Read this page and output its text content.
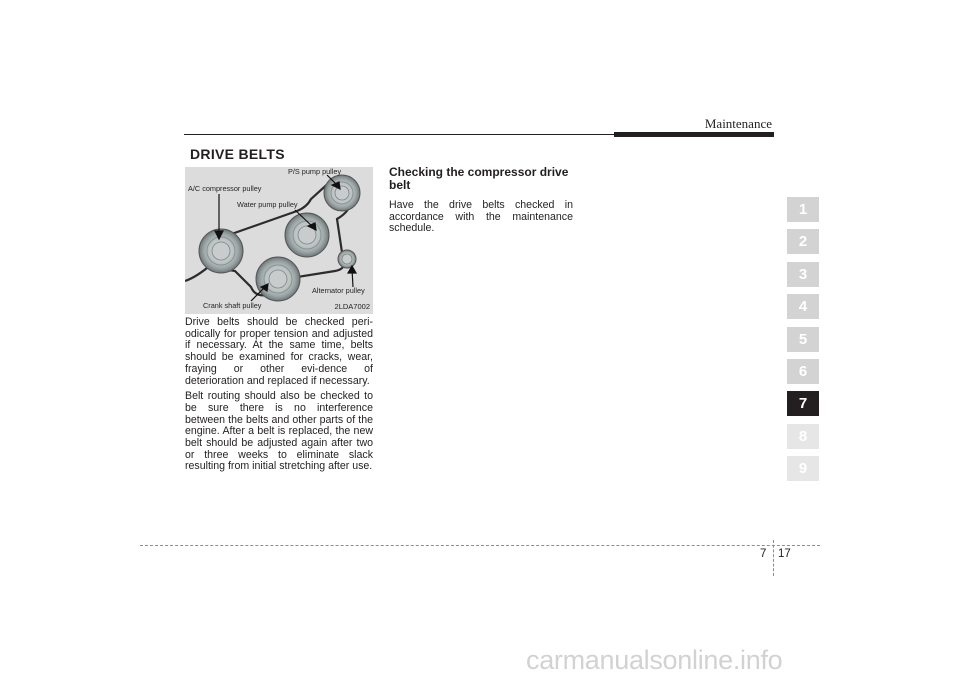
Maintenance
DRIVE BELTS
P/S pump pulley
A/C compressor pulley
Water pump pulley
Alternator pulley
Crank shaft pulley	2LDA7002

Drive belts should be checked peri-odically for proper tension and adjusted if necessary. At the same time, belts should be examined for cracks, wear, fraying or other evi-dence of deterioration and replaced if necessary.

Belt routing should also be checked to be sure there is no interference between the belts and other parts of the engine. After a belt is replaced, the new belt should be adjusted again after two or three weeks to eliminate slack resulting from initial stretching after use.

Checking the compressor drive belt

Have the drive belts checked in accordance with the maintenance schedule.

1
2
3
4
5
6
7
8
9
7 17
carmanualsonline.info
